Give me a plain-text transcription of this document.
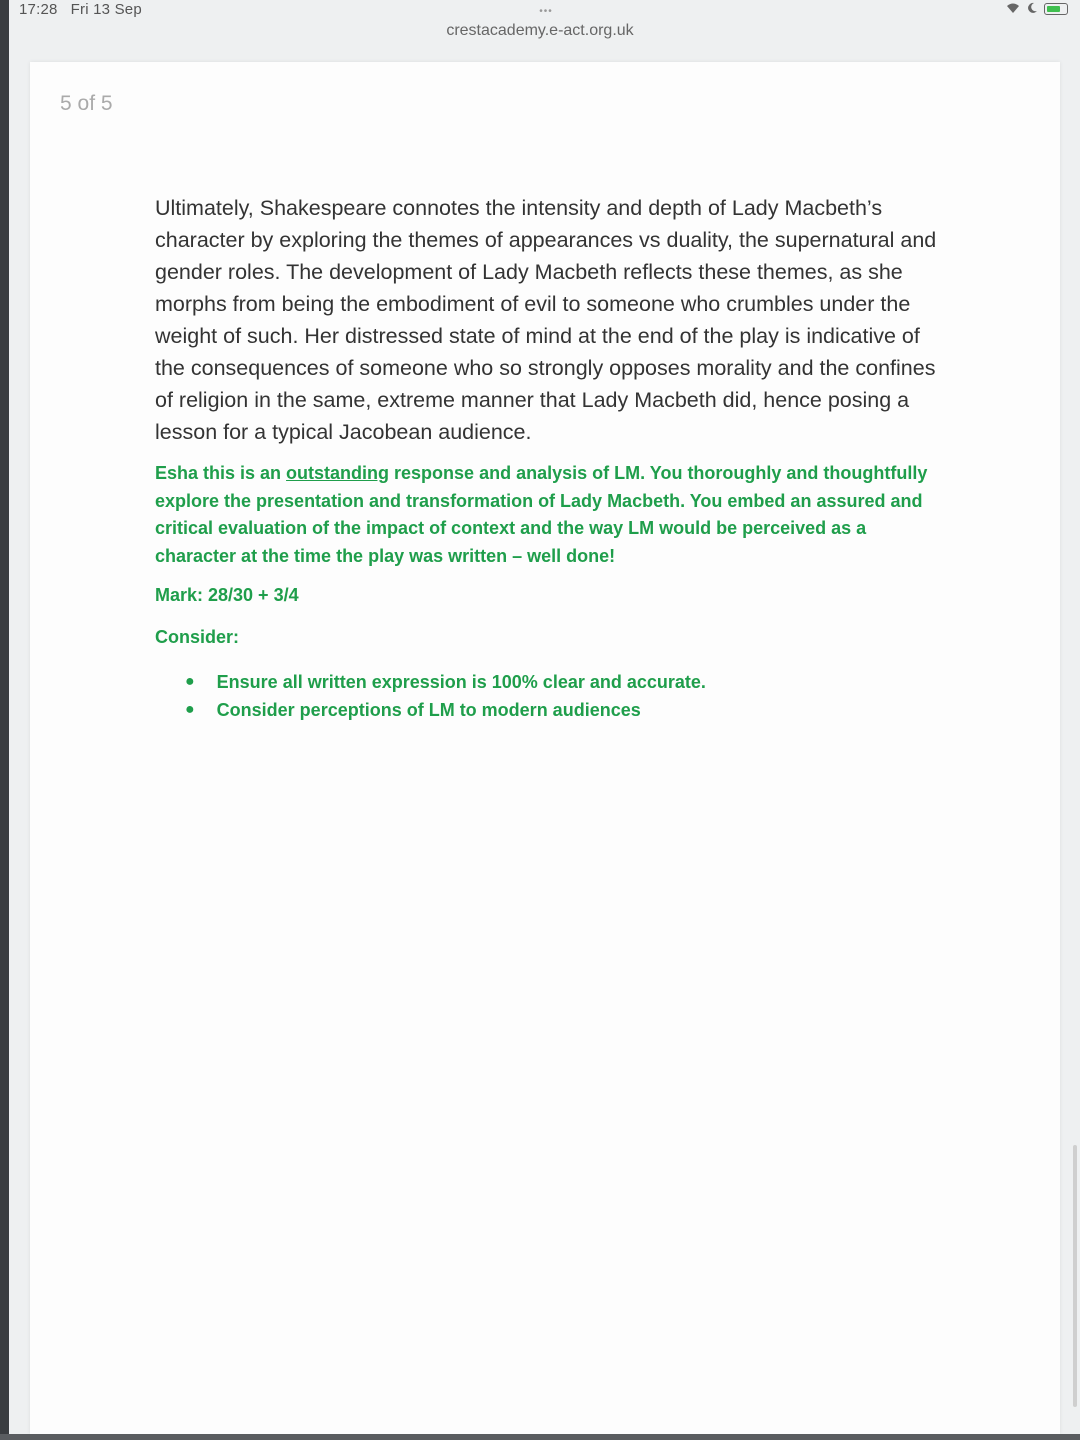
17:28 Fri 13 Sep	•••
crestacademy.e-act.org.uk
5 of 5
Ultimately, Shakespeare connotes the intensity and depth of Lady Macbeth’s character by exploring the themes of appearances vs duality, the supernatural and gender roles. The development of Lady Macbeth reflects these themes, as she morphs from being the embodiment of evil to someone who crumbles under the weight of such. Her distressed state of mind at the end of the play is indicative of the consequences of someone who so strongly opposes morality and the confines of religion in the same, extreme manner that Lady Macbeth did, hence posing a lesson for a typical Jacobean audience.
Esha this is an outstanding response and analysis of LM. You thoroughly and thoughtfully explore the presentation and transformation of Lady Macbeth. You embed an assured and critical evaluation of the impact of context and the way LM would be perceived as a character at the time the play was written – well done!
Mark: 28/30 + 3/4
Consider:
● Ensure all written expression is 100% clear and accurate.
● Consider perceptions of LM to modern audiences
